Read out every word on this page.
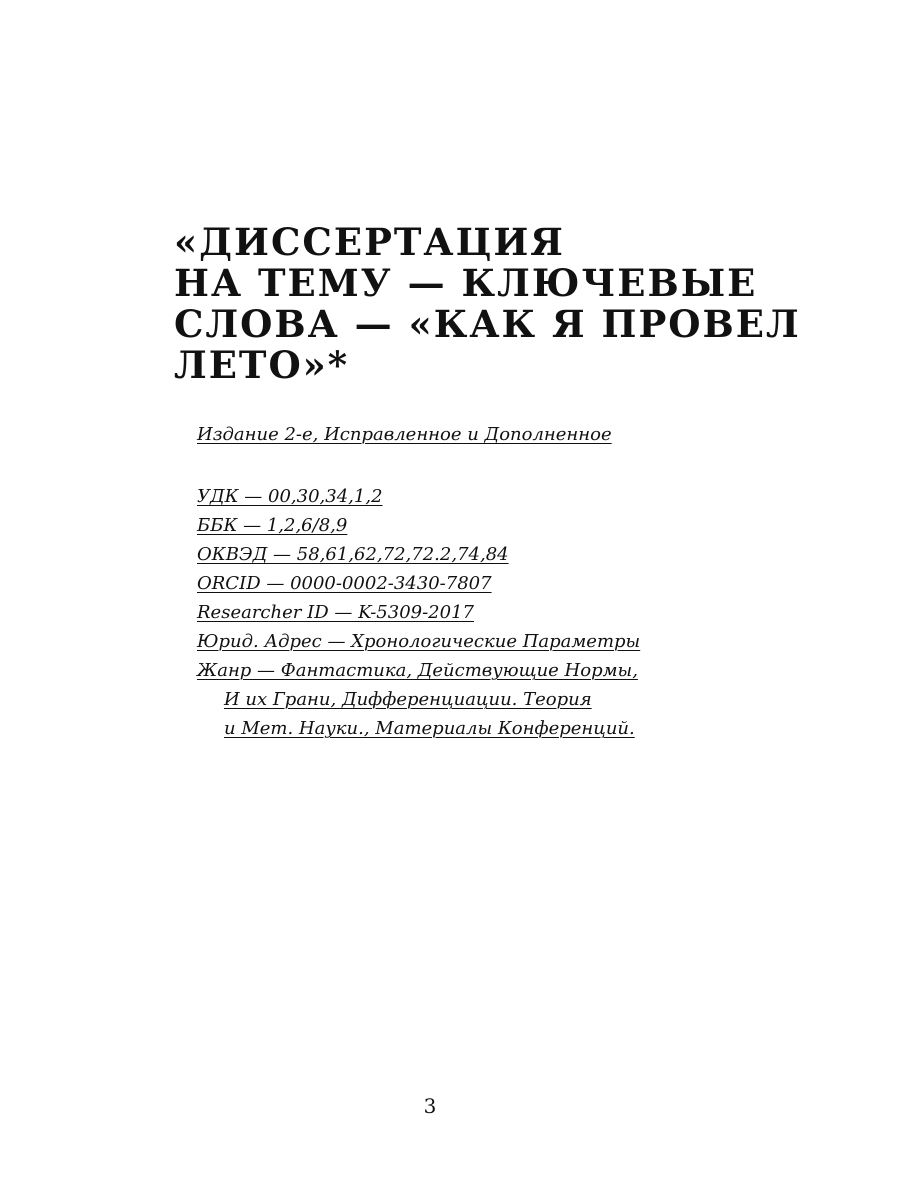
«ДИССЕРТАЦИЯ
НА ТЕМУ — КЛЮЧЕВЫЕ
СЛОВА — «КАК Я ПРОВЕЛ
ЛЕТО»*
Издание 2-е, Исправленное и Дополненное
УДК — 00,30,34,1,2
ББК — 1,2,6/8,9
ОКВЭД — 58,61,62,72,72.2,74,84
ORCID — 0000-0002-3430-7807
Researcher ID — K-5309-2017
Юрид. Адрес — Хронологические Параметры
Жанр — Фантастика, Действующие Нормы,
И их Грани, Дифференциации. Теория
и Мет. Науки., Материалы Конференций.
3
